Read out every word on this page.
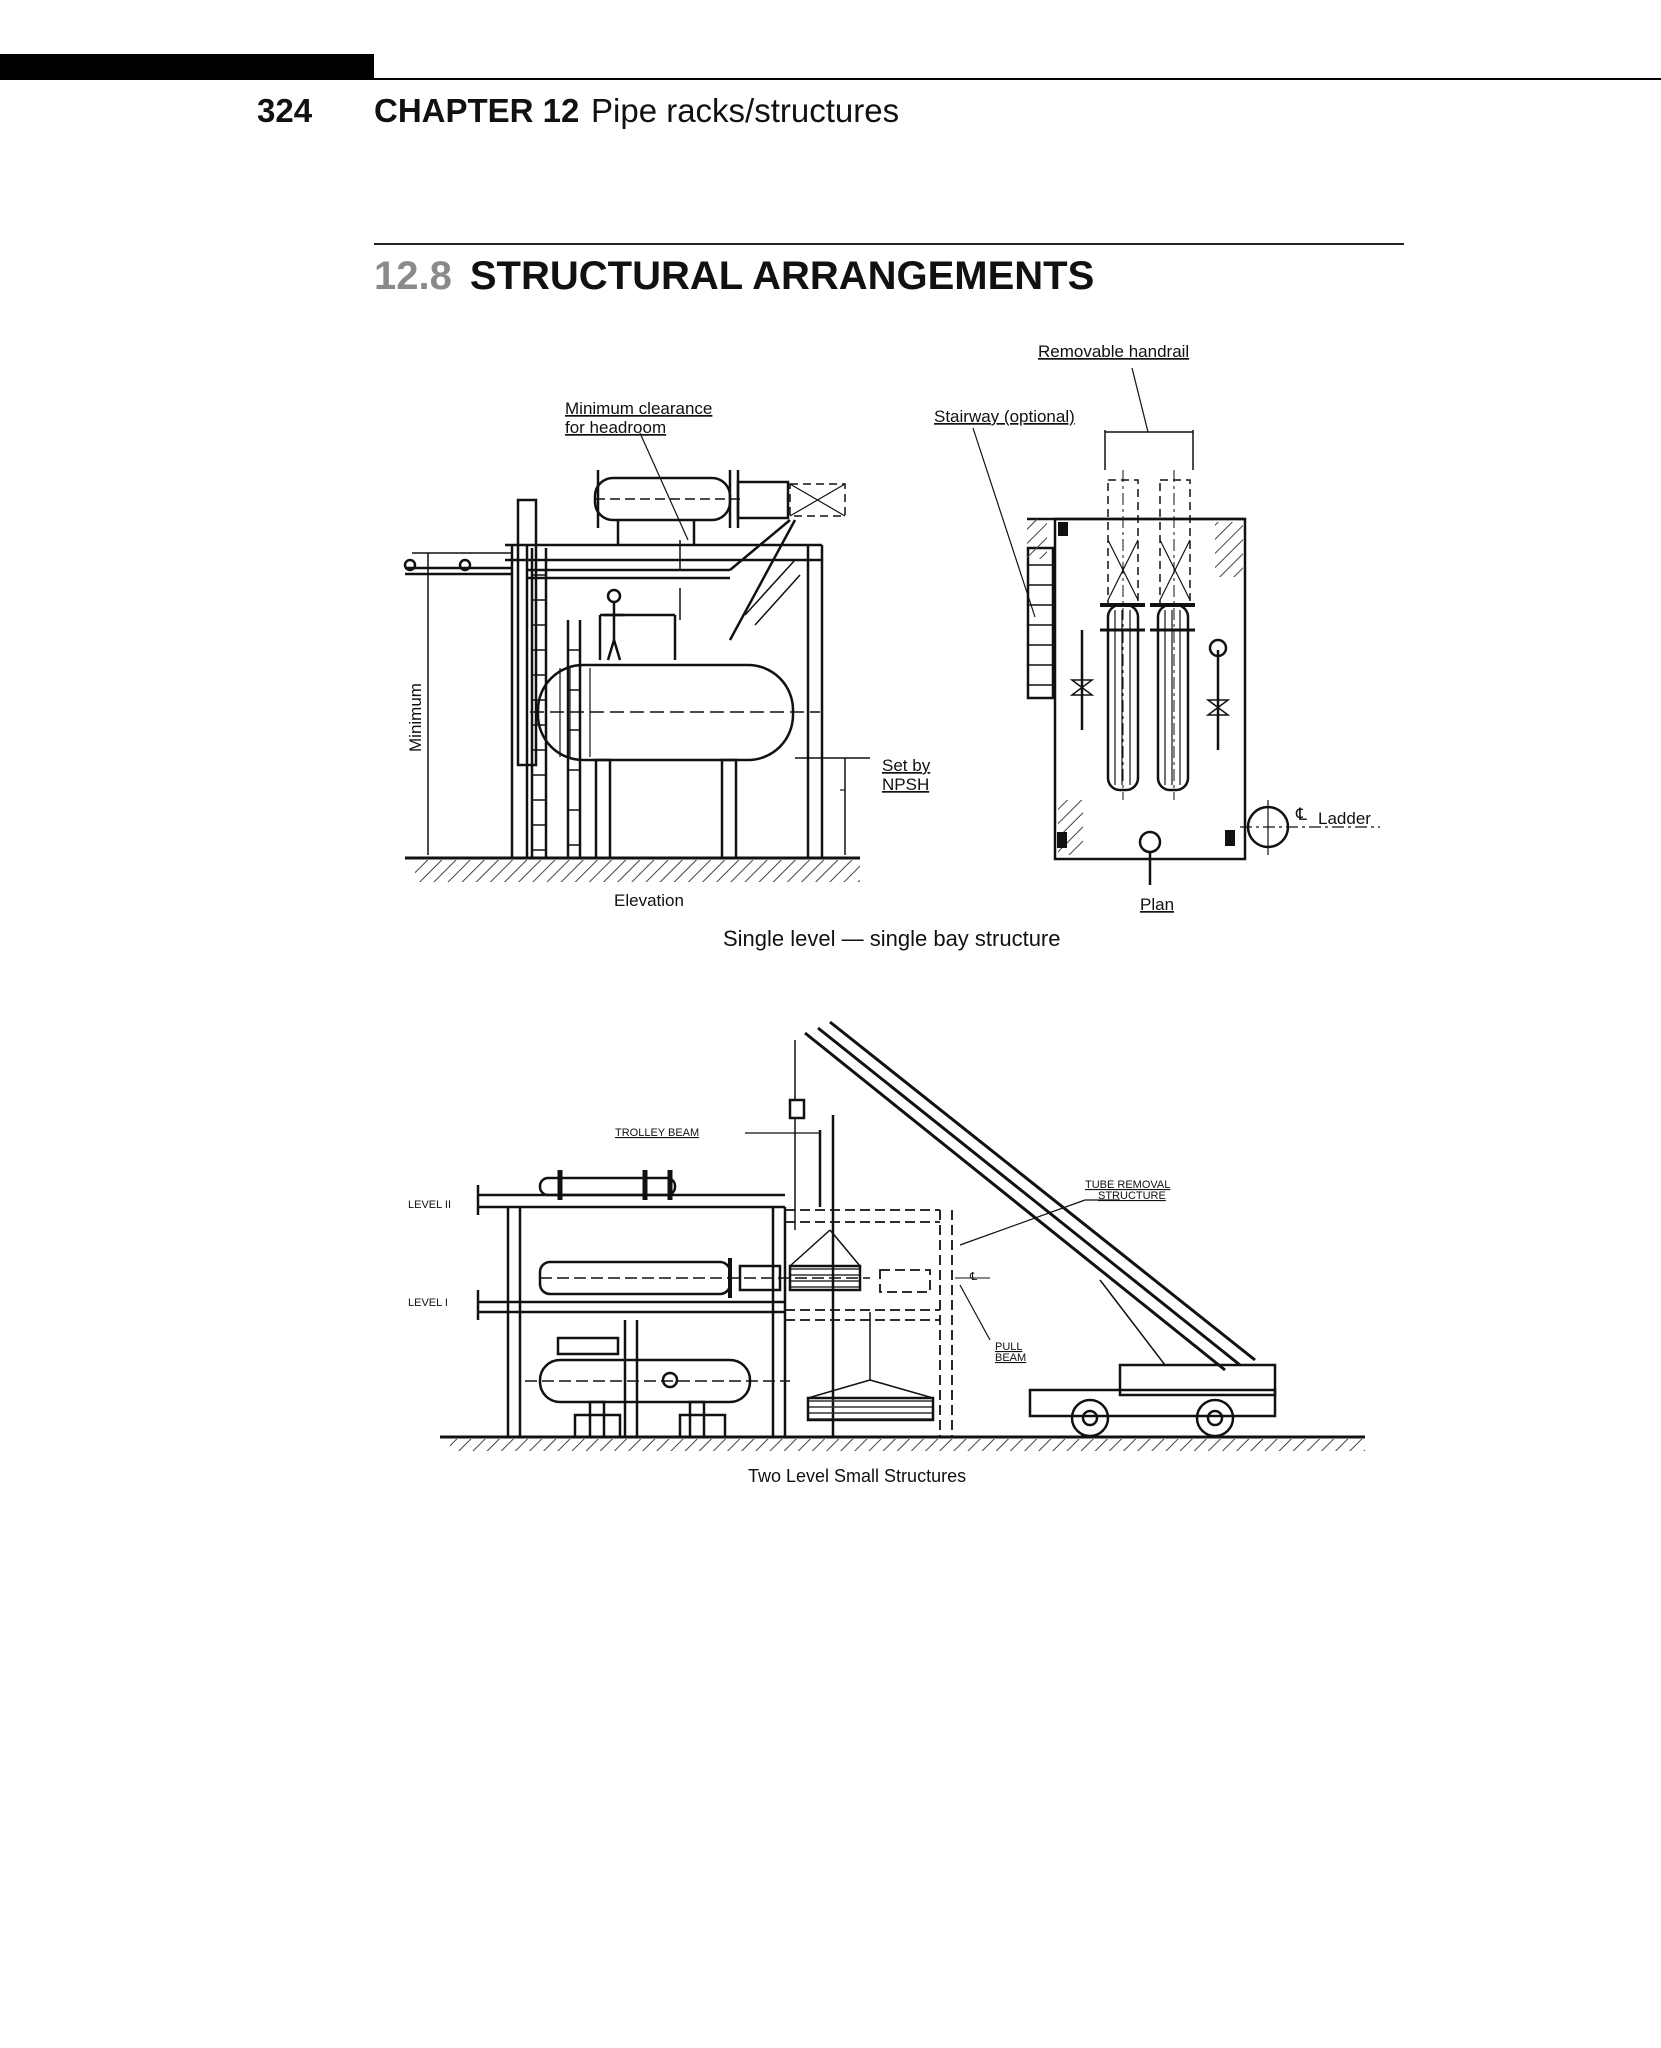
324 CHAPTER 12 Pipe racks/structures
12.8 STRUCTURAL ARRANGEMENTS
Removable handrail
Stairway (optional)
Minimum clearance
for headroom
Minimum
Set by
NPSH
℄ Ladder
Elevation	Plan
Single level — single bay structure
TROLLEY BEAM
LEVEL II
LEVEL I
TUBE REMOVAL
STRUCTURE
℄
PULL
BEAM
Two Level Small Structures
